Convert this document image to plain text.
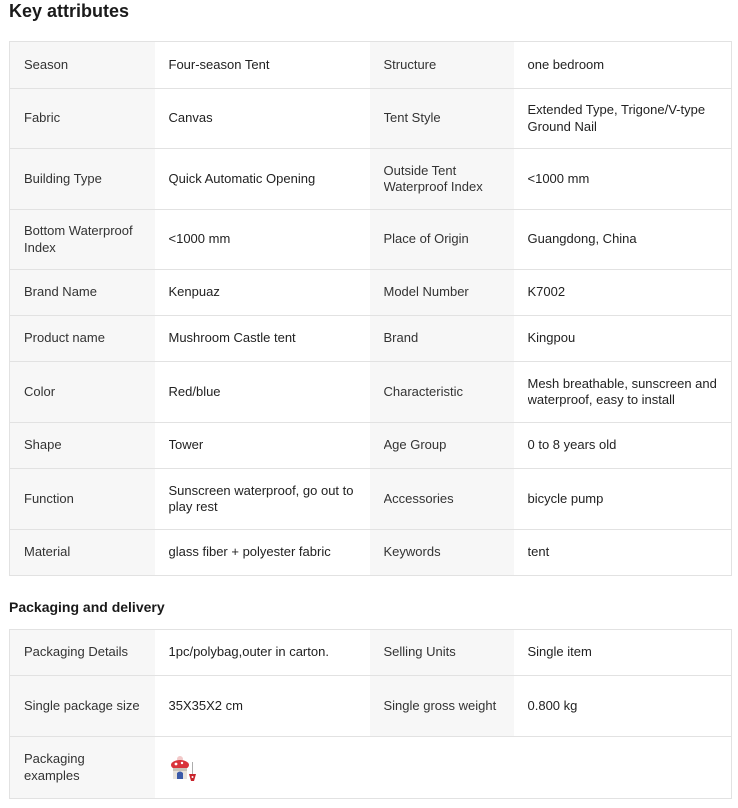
Key attributes
Season	Four-season Tent	Structure	one bedroom

Fabric	Canvas	Tent Style	Extended Type, Trigone/V-type Ground Nail

Building Type	Quick Automatic Opening	Outside Tent Waterproof Index	<1000 mm

Bottom Waterproof Index	<1000 mm	Place of Origin	Guangdong, China

Brand Name	Kenpuaz	Model Number	K7002

Product name	Mushroom Castle tent	Brand	Kingpou

Color	Red/blue	Characteristic	Mesh breathable, sunscreen and waterproof, easy to install

Shape	Tower	Age Group	0 to 8 years old

Function	Sunscreen waterproof, go out to play rest	Accessories	bicycle pump

Material	glass fiber + polyester fabric	Keywords	tent
Packaging and delivery
Packaging Details	1pc/polybag,outer in carton.	Selling Units	Single item

Single package size	35X35X2 cm	Single gross weight	0.800 kg

Packaging examples
